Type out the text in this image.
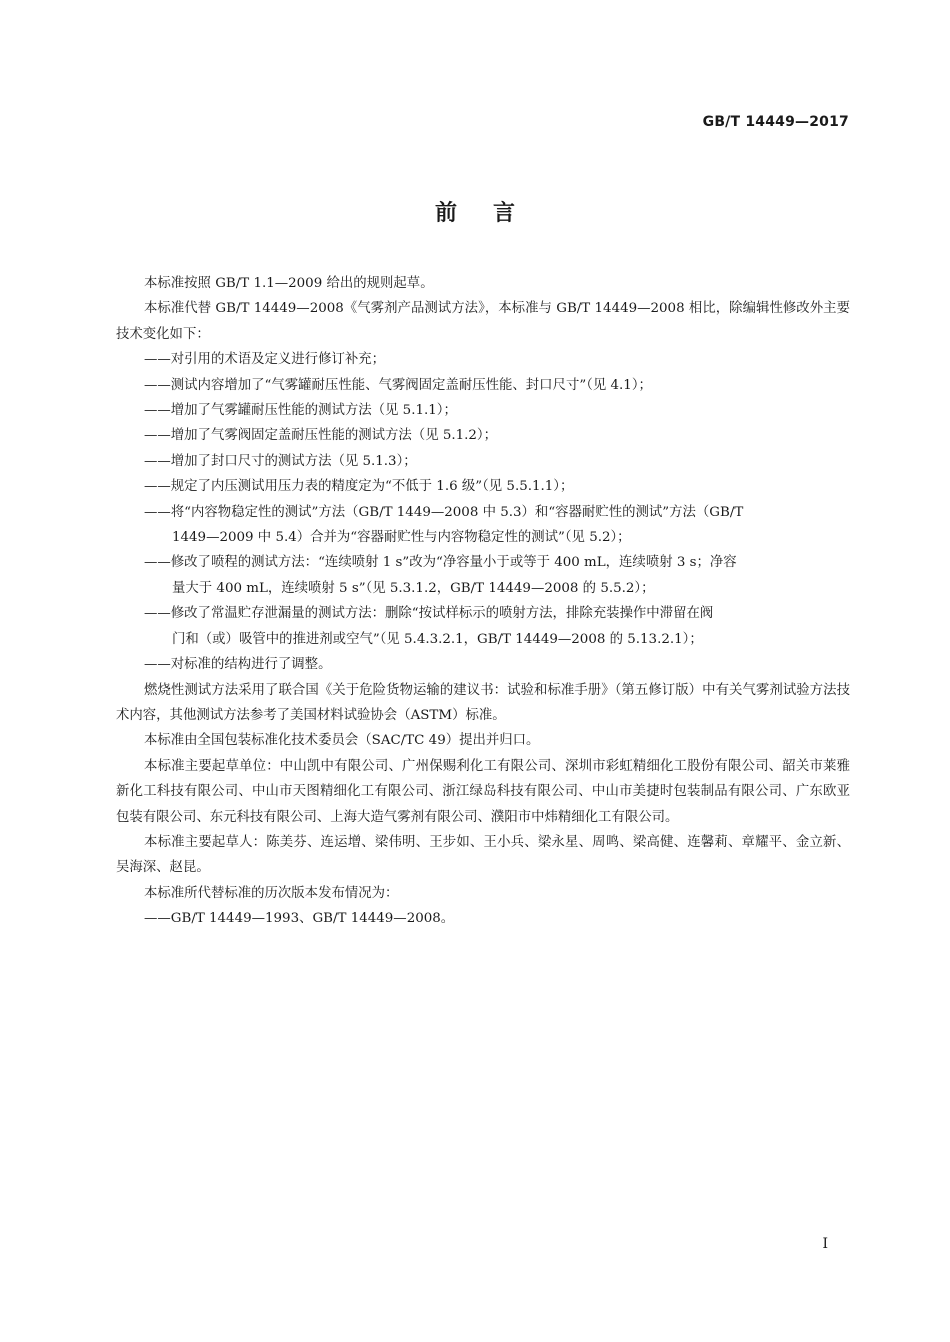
GB/T 14449—2017
前言

本标准按照 GB/T 1.1—2009 给出的规则起草。

本标准代替 GB/T 14449—2008《气雾剂产品测试方法》，本标准与 GB/T 14449—2008 相比，除编辑性修改外主要技术变化如下：

——对引用的术语及定义进行修订补充；

——测试内容增加了“气雾罐耐压性能、气雾阀固定盖耐压性能、封口尺寸”（见 4.1）；

——增加了气雾罐耐压性能的测试方法（见 5.1.1）；

——增加了气雾阀固定盖耐压性能的测试方法（见 5.1.2）；

——增加了封口尺寸的测试方法（见 5.1.3）；

——规定了内压测试用压力表的精度定为“不低于 1.6 级”（见 5.5.1.1）；

——将“内容物稳定性的测试”方法（GB/T 1449—2008 中 5.3）和“容器耐贮性的测试”方法（GB/T
1449—2009 中 5.4）合并为“容器耐贮性与内容物稳定性的测试”（见 5.2）；

——修改了喷程的测试方法：“连续喷射 1 s”改为“净容量小于或等于 400 mL，连续喷射 3 s；净容
量大于 400 mL，连续喷射 5 s”（见 5.3.1.2，GB/T 14449—2008 的 5.5.2）；

——修改了常温贮存泄漏量的测试方法：删除“按试样标示的喷射方法，排除充装操作中滞留在阀
门和（或）吸管中的推进剂或空气”（见 5.4.3.2.1，GB/T 14449—2008 的 5.13.2.1）；

——对标准的结构进行了调整。

燃烧性测试方法采用了联合国《关于危险货物运输的建议书：试验和标准手册》（第五修订版）中有关气雾剂试验方法技术内容，其他测试方法参考了美国材料试验协会（ASTM）标准。

本标准由全国包装标准化技术委员会（SAC/TC 49）提出并归口。

本标准主要起草单位：中山凯中有限公司、广州保赐利化工有限公司、深圳市彩虹精细化工股份有限公司、韶关市莱雅新化工科技有限公司、中山市天图精细化工有限公司、浙江绿岛科技有限公司、中山市美捷时包装制品有限公司、广东欧亚包装有限公司、东元科技有限公司、上海大造气雾剂有限公司、濮阳市中炜精细化工有限公司。

本标准主要起草人：陈美芬、连运增、梁伟明、王步如、王小兵、梁永星、周鸣、梁高健、连馨莉、章耀平、金立新、吴海深、赵昆。

本标准所代替标准的历次版本发布情况为：

——GB/T 14449—1993、GB/T 14449—2008。

I
